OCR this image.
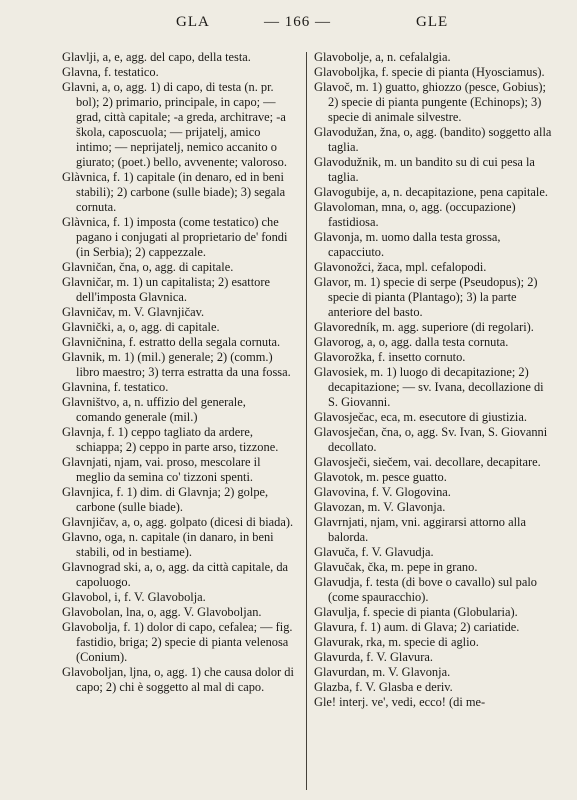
GLA	— 166 —	GLE

Glavlji, a, e, agg. del capo, della testa.

Glavna, f. testatico.

Glavni, a, o, agg. 1) di capo, di testa (n. pr. bol); 2) primario, principale, in capo; — grad, città capitale; -a greda, architrave; -a škola, caposcuola; — prijatelj, amico intimo; — neprijatelj, nemico accanito o giurato; (poet.) bello, avvenente; valoroso.

Glàvnica, f. 1) capitale (in denaro, ed in beni stabili); 2) carbone (sulle biade); 3) segala cornuta.

Glàvnica, f. 1) imposta (come testatico) che pagano i conjugati al proprietario de' fondi (in Serbia); 2) cappezzale.

Glavničan, čna, o, agg. di capitale.

Glavničar, m. 1) un capitalista; 2) esattore dell'imposta Glavnica.

Glavničav, m. V. Glavnjičav.

Glavnički, a, o, agg. di capitale.

Glavničnina, f. estratto della segala cornuta.

Glavnik, m. 1) (mil.) generale; 2) (comm.) libro maestro; 3) terra estratta da una fossa.

Glavnina, f. testatico.

Glavništvo, a, n. uffizio del generale, comando generale (mil.)

Glavnja, f. 1) ceppo tagliato da ardere, schiappa; 2) ceppo in parte arso, tizzone.

Glavnjati, njam, vai. proso, mescolare il meglio da semina co' tizzoni spenti.

Glavnjica, f. 1) dim. di Glavnja; 2) golpe, carbone (sulle biade).

Glavnjičav, a, o, agg. golpato (dicesi di biada).

Glavno, oga, n. capitale (in danaro, in beni stabili, od in bestiame).

Glavnograd ski, a, o, agg. da città capitale, da capoluogo.

Glavobol, i, f. V. Glavobolja.

Glavobolan, lna, o, agg. V. Glavoboljan.

Glavobolja, f. 1) dolor di capo, cefalea; — fig. fastidio, briga; 2) specie di pianta velenosa (Conium).

Glavoboljan, ljna, o, agg. 1) che causa dolor di capo; 2) chi è soggetto al mal di capo.

Glavobolje, a, n. cefalalgia.

Glavoboljka, f. specie di pianta (Hyosciamus).

Glavoč, m. 1) guatto, ghiozzo (pesce, Gobius); 2) specie di pianta pungente (Echinops); 3) specie di animale silvestre.

Glavodužan, žna, o, agg. (bandito) soggetto alla taglia.

Glavodužnik, m. un bandito su di cui pesa la taglia.

Glavogubije, a, n. decapitazione, pena capitale.

Glavoloman, mna, o, agg. (occupazione) fastidiosa.

Glavonja, m. uomo dalla testa grossa, capacciuto.

Glavonožci, žaca, mpl. cefalopodi.

Glavor, m. 1) specie di serpe (Pseudopus); 2) specie di pianta (Plantago); 3) la parte anteriore del basto.

Glavoredník, m. agg. superiore (di regolari).

Glavorog, a, o, agg. dalla testa cornuta.

Glavorožka, f. insetto cornuto.

Glavosiek, m. 1) luogo di decapitazione; 2) decapitazione; — sv. Ivana, decollazione di S. Giovanni.

Glavosječac, eca, m. esecutore di giustizia.

Glavosječan, čna, o, agg. Sv. Ivan, S. Giovanni decollato.

Glavosječi, siečem, vai. decollare, decapitare.

Glavotok, m. pesce guatto.

Glavovina, f. V. Glogovina.

Glavozan, m. V. Glavonja.

Glavrnjati, njam, vni. aggirarsi attorno alla balorda.

Glavuča, f. V. Glavudja.

Glavučak, čka, m. pepe in grano.

Glavudja, f. testa (di bove o cavallo) sul palo (come spauracchio).

Glavulja, f. specie di pianta (Globularia).

Glavura, f. 1) aum. di Glava; 2) cariatide.

Glavurak, rka, m. specie di aglio.

Glavurda, f. V. Glavura.

Glavurdan, m. V. Glavonja.

Glazba, f. V. Glasba e deriv.

Gle! interj. ve', vedi, ecco! (di me-
